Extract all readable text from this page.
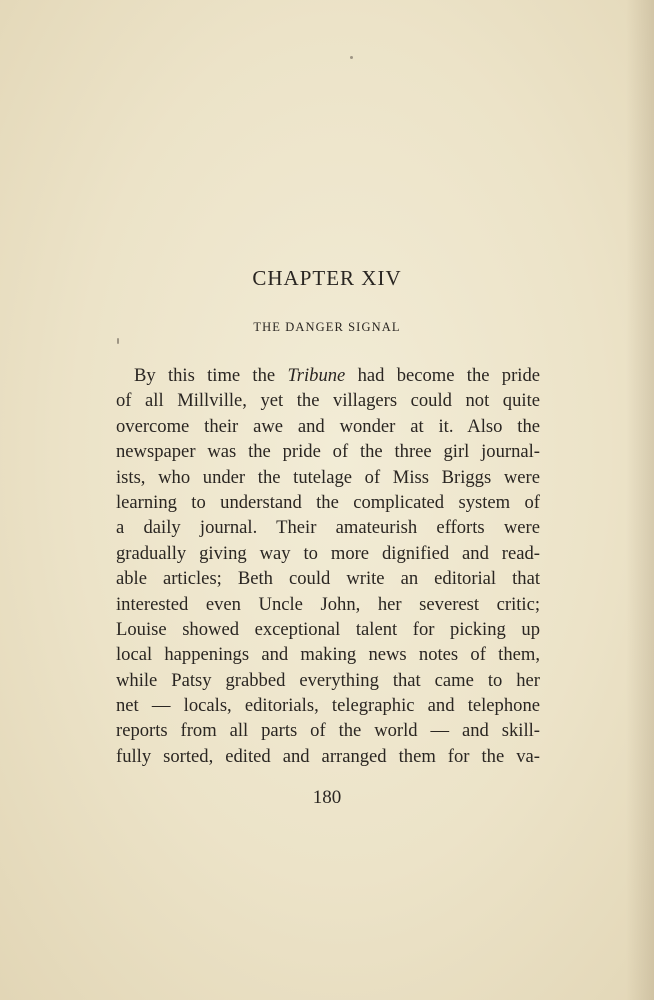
CHAPTER XIV
THE DANGER SIGNAL
By this time the Tribune had become the pride
of all Millville, yet the villagers could not quite
overcome their awe and wonder at it. Also the
newspaper was the pride of the three girl journal-
ists, who under the tutelage of Miss Briggs were
learning to understand the complicated system of
a daily journal. Their amateurish efforts were
gradually giving way to more dignified and read-
able articles; Beth could write an editorial that
interested even Uncle John, her severest critic;
Louise showed exceptional talent for picking up
local happenings and making news notes of them,
while Patsy grabbed everything that came to her
net — locals, editorials, telegraphic and telephone
reports from all parts of the world — and skill-
fully sorted, edited and arranged them for the va-

180
